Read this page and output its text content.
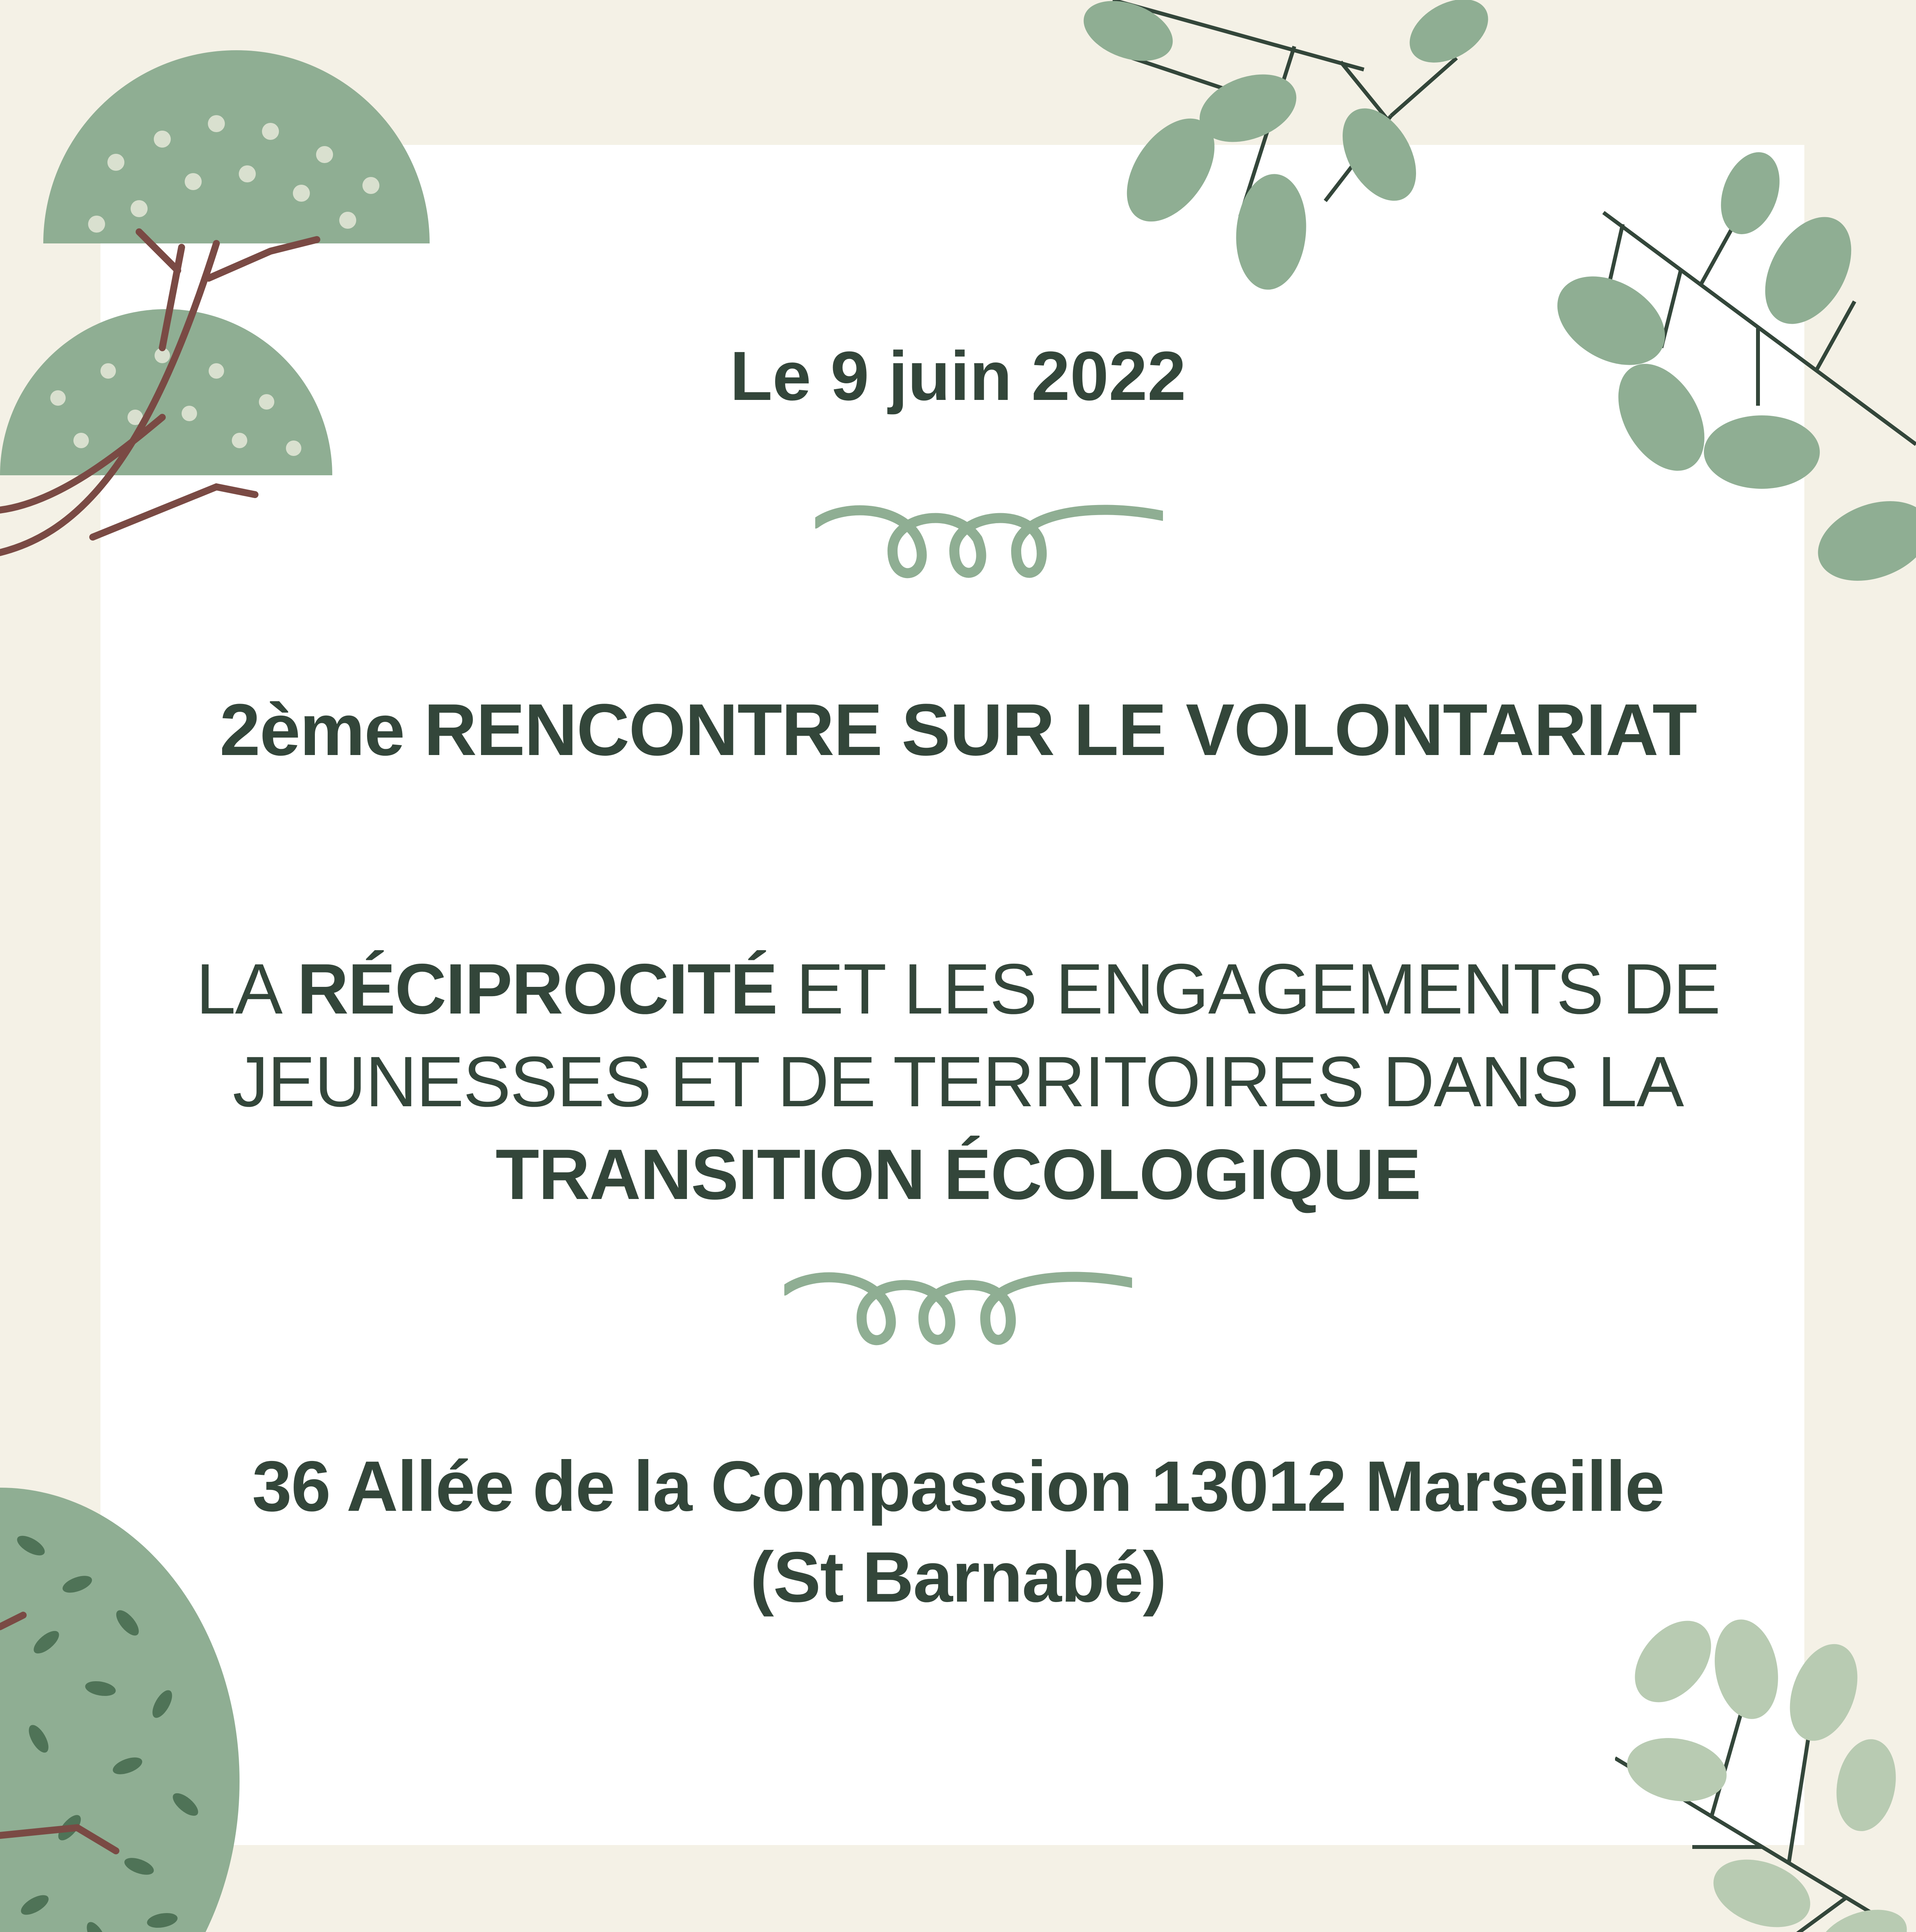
Le 9 juin 2022
2ème RENCONTRE SUR LE VOLONTARIAT
LA RÉCIPROCITÉ ET LES ENGAGEMENTS DE
JEUNESSES ET DE TERRITOIRES DANS LA
TRANSITION ÉCOLOGIQUE
36 Allée de la Compassion 13012 Marseille
(St Barnabé)
